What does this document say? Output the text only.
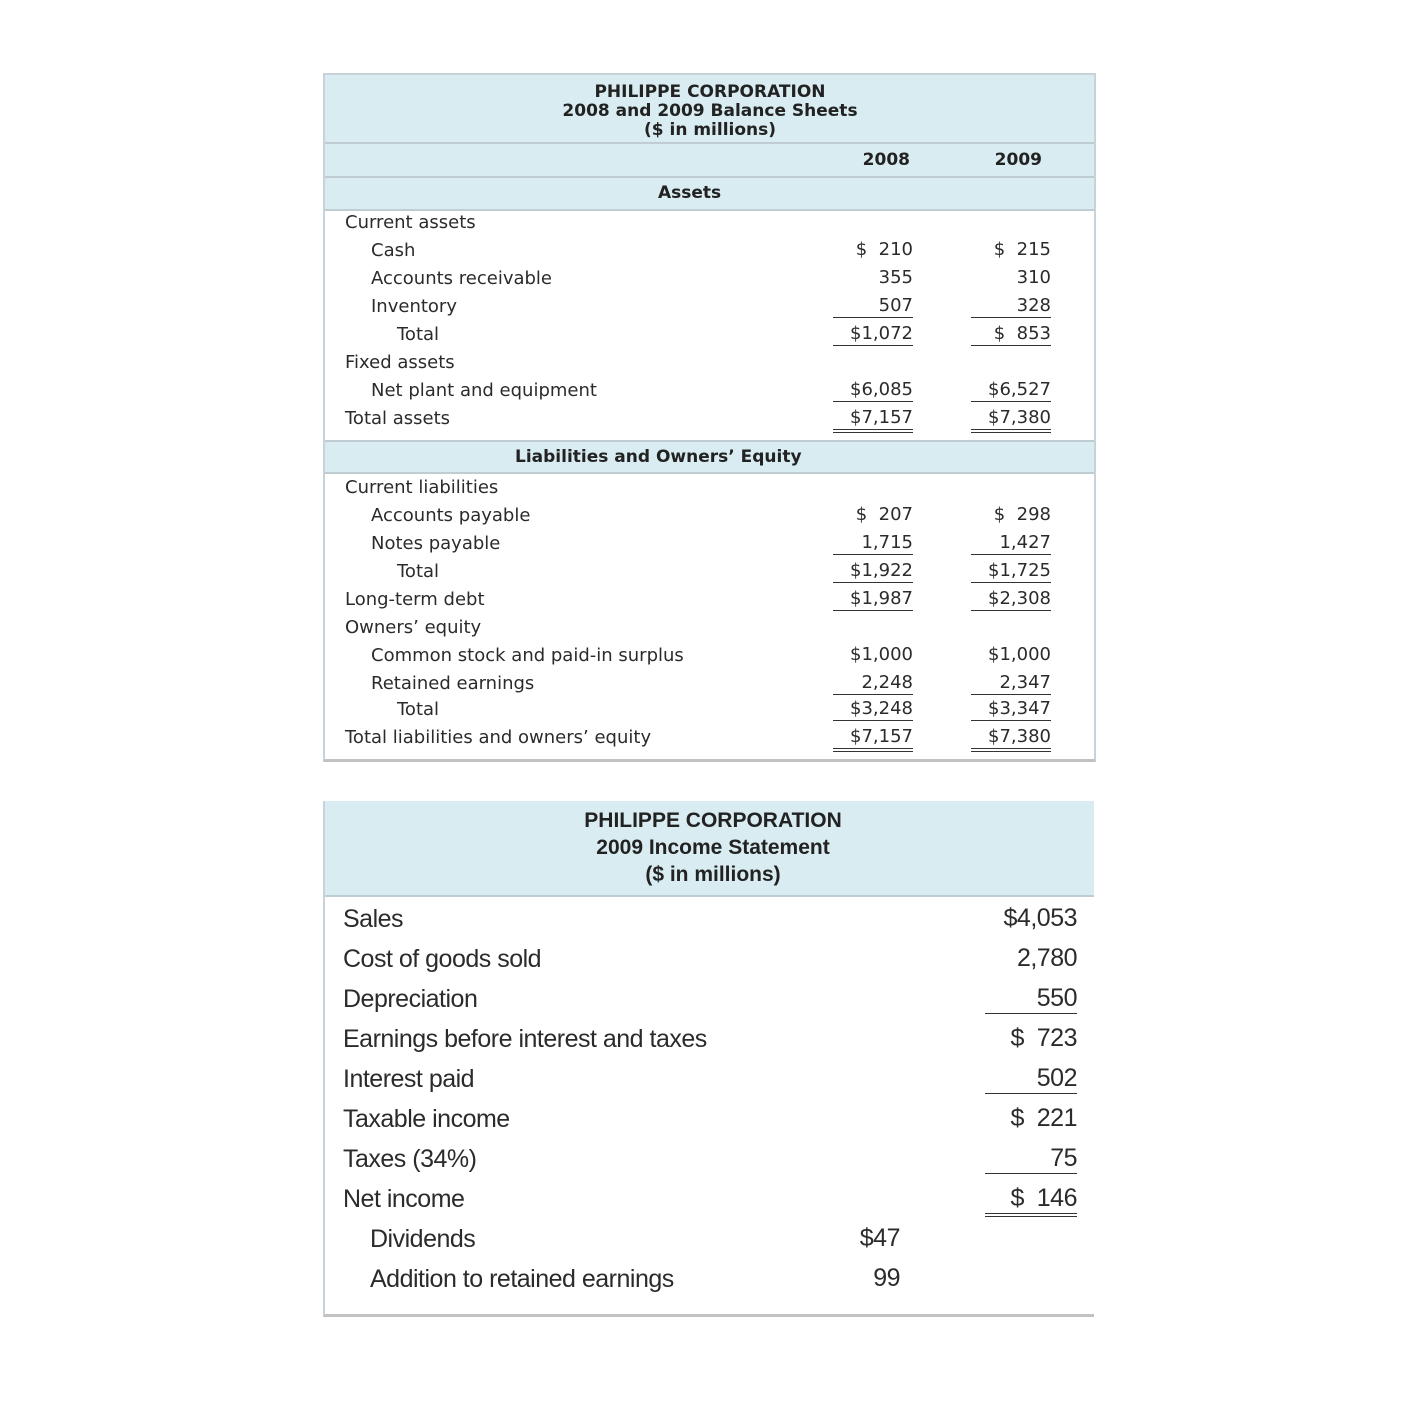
PHILIPPE CORPORATION
2008 and 2009 Balance Sheets
($ in millions)
2008	2009
Assets
Current assets
Cash	$  210	$  215
Accounts receivable	355	310
Inventory	507	328
Total	$1,072	$  853
Fixed assets
Net plant and equipment	$6,085	$6,527
Total assets	$7,157	$7,380
Liabilities and Owners’ Equity
Current liabilities
Accounts payable	$  207	$  298
Notes payable	1,715	1,427
Total	$1,922	$1,725
Long-term debt	$1,987	$2,308
Owners’ equity
Common stock and paid-in surplus	$1,000	$1,000
Retained earnings	2,248	2,347
Total	$3,248	$3,347
Total liabilities and owners’ equity	$7,157	$7,380
PHILIPPE CORPORATION
2009 Income Statement
($ in millions)
Sales	$4,053
Cost of goods sold	2,780
Depreciation	550
Earnings before interest and taxes	$  723
Interest paid	502
Taxable income	$  221
Taxes (34%)	75
Net income	$  146
Dividends	$47
Addition to retained earnings	99
